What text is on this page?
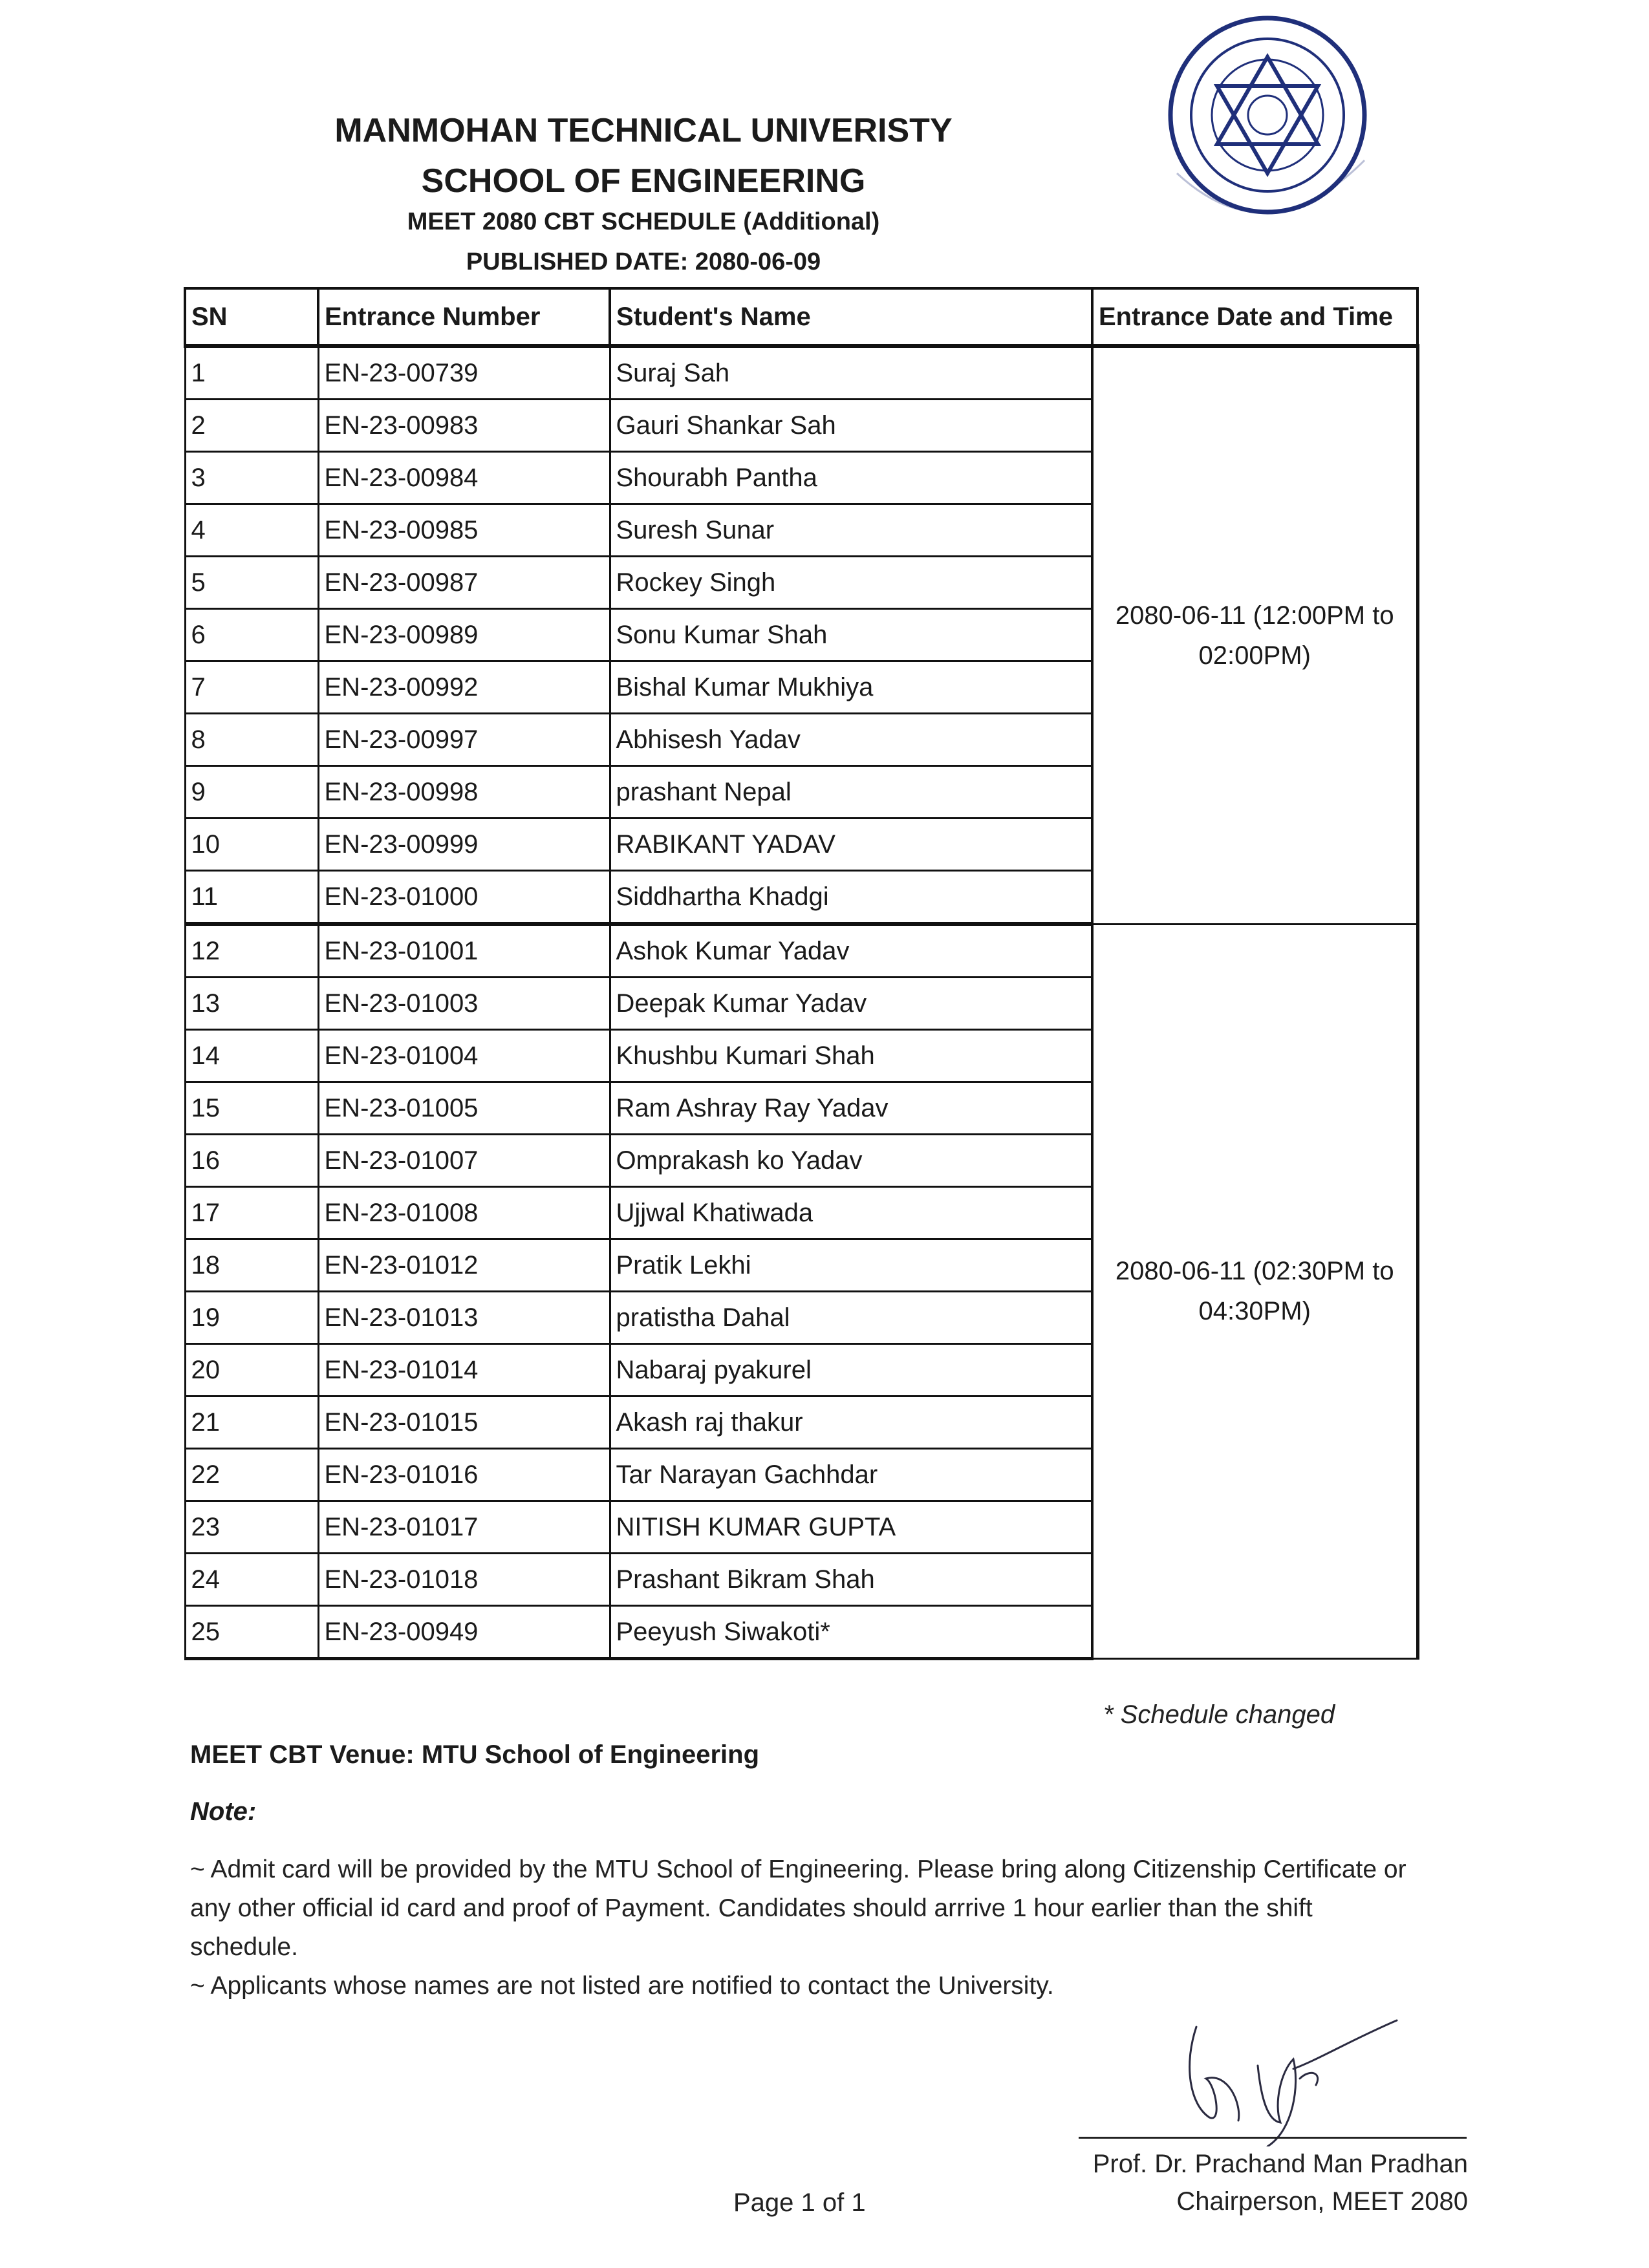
MANMOHAN TECHNICAL UNIVERISTY
SCHOOL OF ENGINEERING
MEET 2080 CBT SCHEDULE (Additional)
PUBLISHED DATE: 2080-06-09
SN	Entrance Number	Student's Name	Entrance Date and Time
1	EN-23-00739	Suraj Sah	2080-06-11 (12:00PM to 02:00PM)
2	EN-23-00983	Gauri Shankar Sah	
3	EN-23-00984	Shourabh Pantha	
4	EN-23-00985	Suresh Sunar	
5	EN-23-00987	Rockey Singh	
6	EN-23-00989	Sonu Kumar Shah	
7	EN-23-00992	Bishal Kumar Mukhiya	
8	EN-23-00997	Abhisesh Yadav	
9	EN-23-00998	prashant Nepal	
10	EN-23-00999	RABIKANT YADAV	
11	EN-23-01000	Siddhartha Khadgi	
12	EN-23-01001	Ashok Kumar Yadav	2080-06-11 (02:30PM to 04:30PM)
13	EN-23-01003	Deepak Kumar Yadav	
14	EN-23-01004	Khushbu Kumari Shah	
15	EN-23-01005	Ram Ashray Ray Yadav	
16	EN-23-01007	Omprakash ko Yadav	
17	EN-23-01008	Ujjwal Khatiwada	
18	EN-23-01012	Pratik Lekhi	
19	EN-23-01013	pratistha Dahal	
20	EN-23-01014	Nabaraj pyakurel	
21	EN-23-01015	Akash raj thakur	
22	EN-23-01016	Tar Narayan Gachhdar	
23	EN-23-01017	NITISH KUMAR GUPTA	
24	EN-23-01018	Prashant Bikram Shah	
25	EN-23-00949	Peeyush Siwakoti*	
* Schedule changed
MEET CBT Venue: MTU School of Engineering
Note:

~ Admit card will be provided by the MTU School of Engineering. Please bring along Citizenship Certificate or any other official id card and proof of Payment. Candidates should arrrive 1 hour earlier than the shift schedule.

~ Applicants whose names are not listed are notified to contact the University.

Prof. Dr. Prachand Man Pradhan
Chairperson, MEET 2080
Page 1 of 1
